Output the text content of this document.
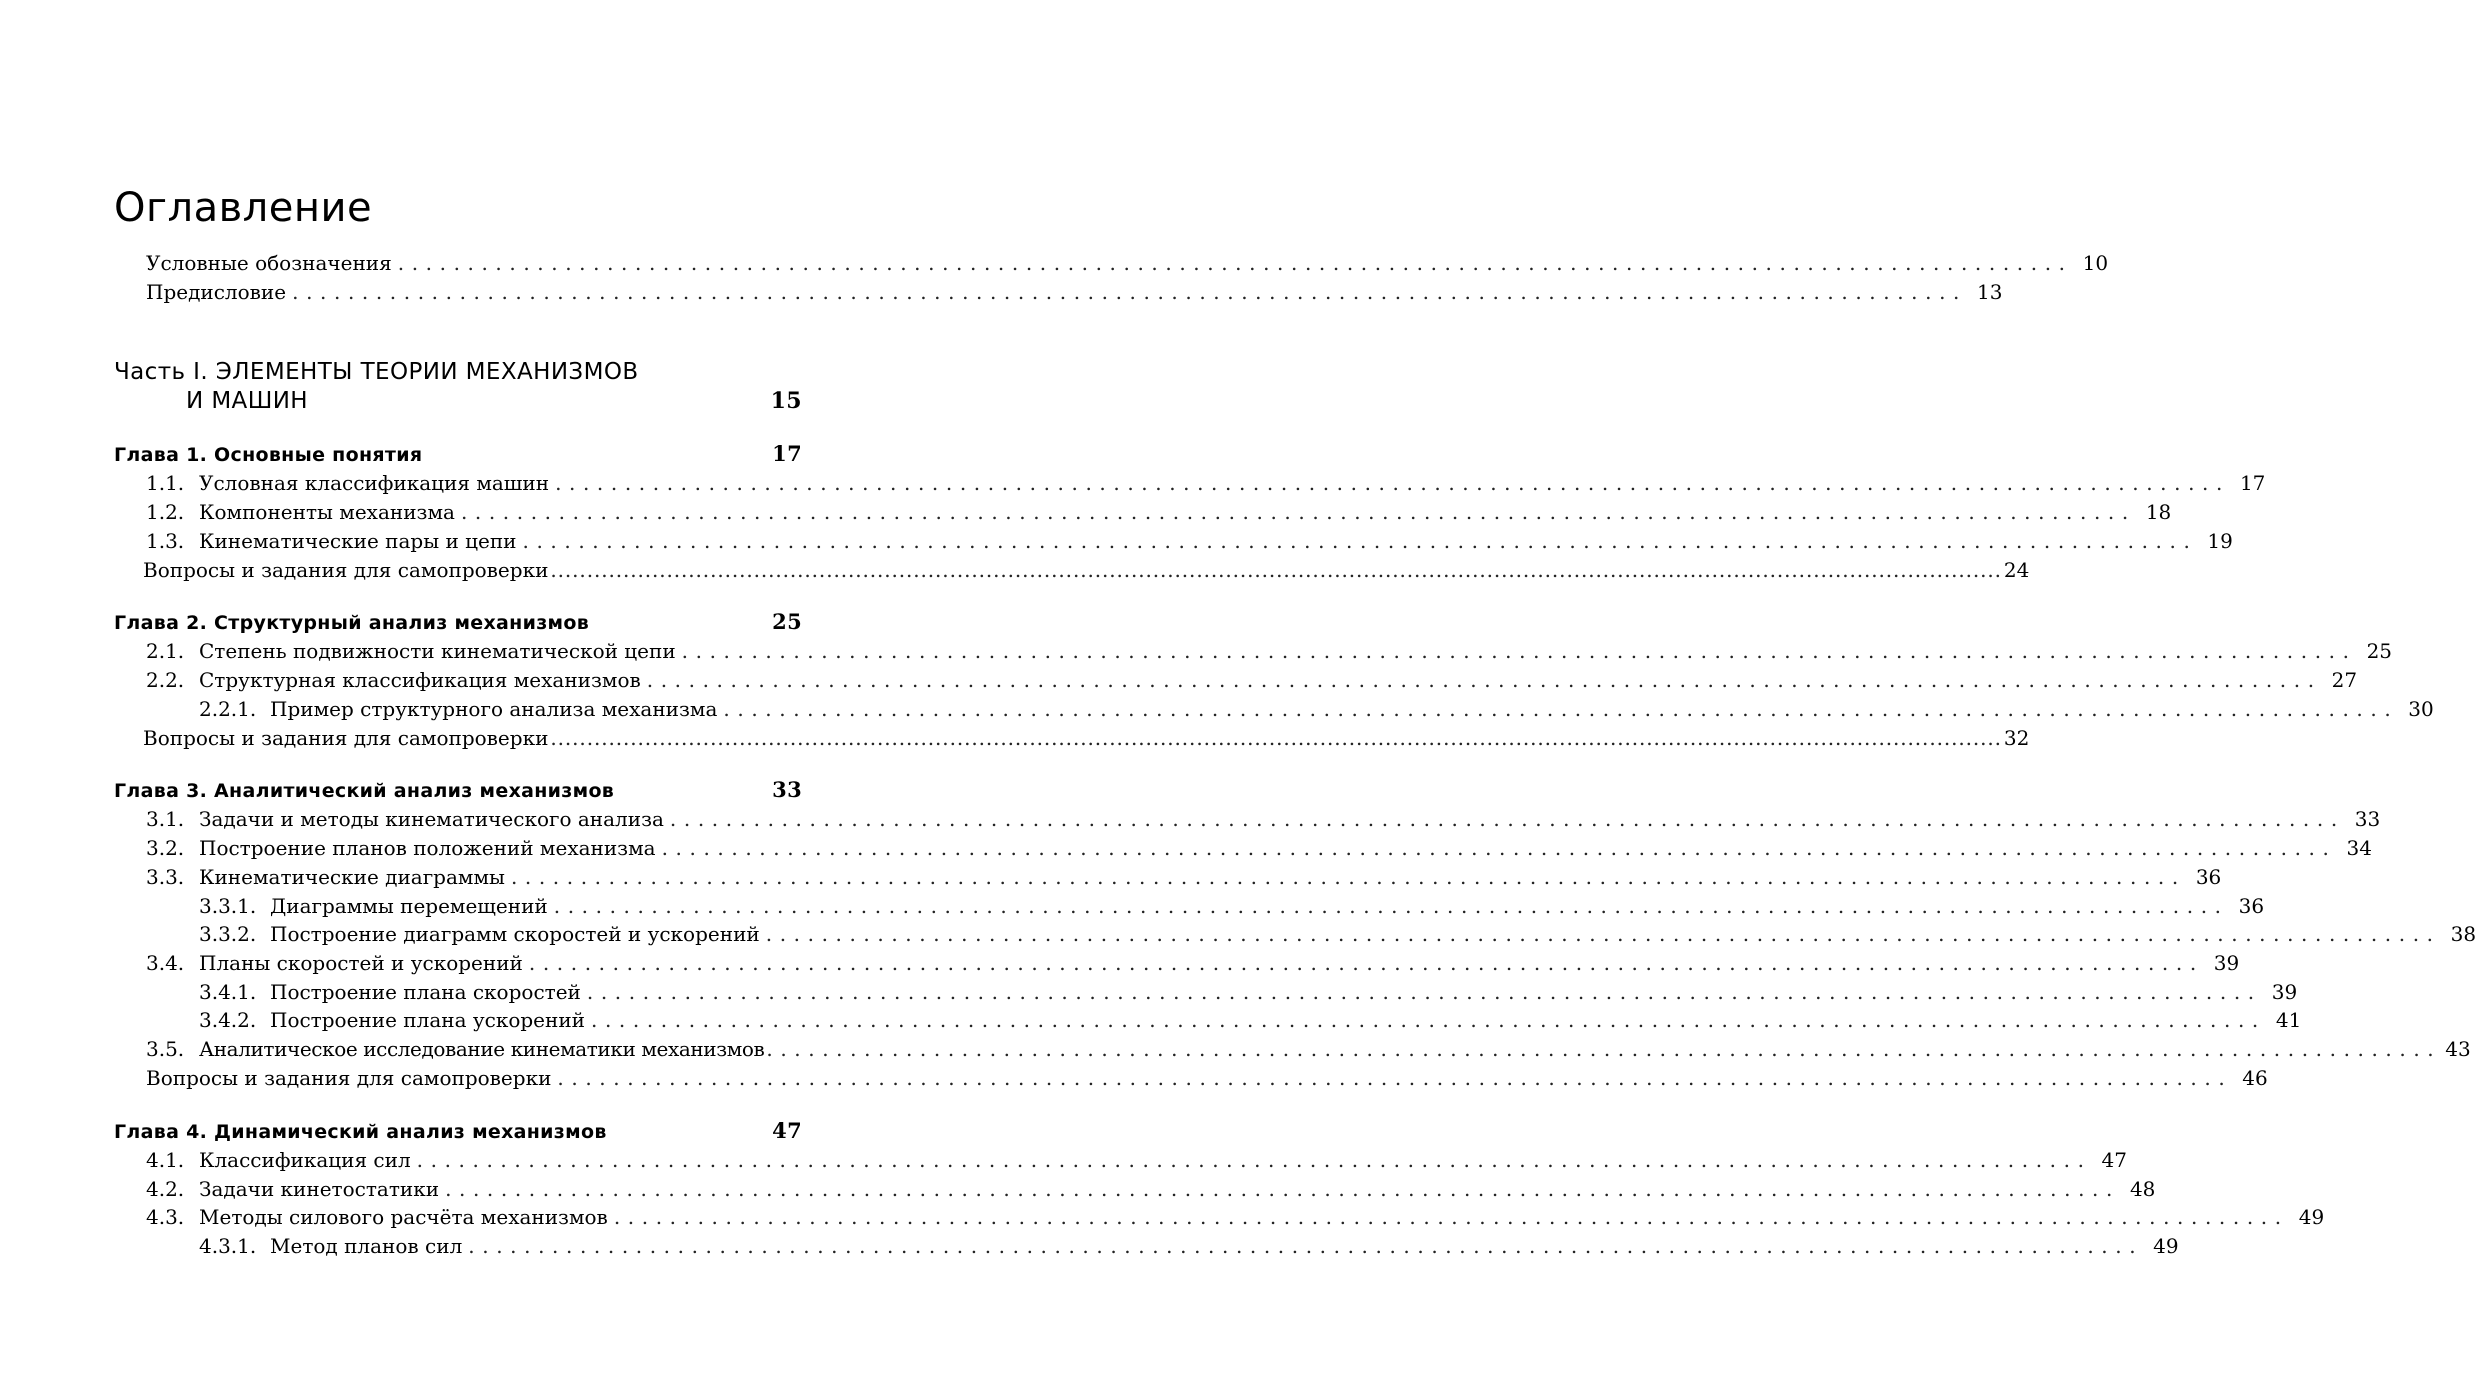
Оглавление
Условные обозначения ........................................................................................................................ 10
Предисловие ........................................................................................................................ 13
Часть I. ЭЛЕМЕНТЫ ТЕОРИИ МЕХАНИЗМОВ
И МАШИН	15
Глава 1. Основные понятия	17
1.1. Условная классификация машин ........................................................................................................................ 17
1.2. Компоненты механизма ........................................................................................................................ 18
1.3. Кинематические пары и цепи ........................................................................................................................ 19
Вопросы и задания для самопроверки ........................................................................................................................................................................................................ 24
Глава 2. Структурный анализ механизмов	25
2.1. Степень подвижности кинематической цепи ........................................................................................................................ 25
2.2. Структурная классификация механизмов ........................................................................................................................ 27
2.2.1. Пример структурного анализа механизма ........................................................................................................................ 30
Вопросы и задания для самопроверки ........................................................................................................................................................................................................ 32
Глава 3. Аналитический анализ механизмов	33
3.1. Задачи и методы кинематического анализа ........................................................................................................................ 33
3.2. Построение планов положений механизма ........................................................................................................................ 34
3.3. Кинематические диаграммы ........................................................................................................................ 36
3.3.1. Диаграммы перемещений ........................................................................................................................ 36
3.3.2. Построение диаграмм скоростей и ускорений ........................................................................................................................ 38
3.4. Планы скоростей и ускорений ........................................................................................................................ 39
3.4.1. Построение плана скоростей ........................................................................................................................ 39
3.4.2. Построение плана ускорений ........................................................................................................................ 41
3.5. Аналитическое исследование кинематики механизмов ........................................................................................................................ 43
Вопросы и задания для самопроверки ........................................................................................................................ 46
Глава 4. Динамический анализ механизмов	47
4.1. Классификация сил ........................................................................................................................ 47
4.2. Задачи кинетостатики ........................................................................................................................ 48
4.3. Методы силового расчёта механизмов ........................................................................................................................ 49
4.3.1. Метод планов сил ........................................................................................................................ 49
